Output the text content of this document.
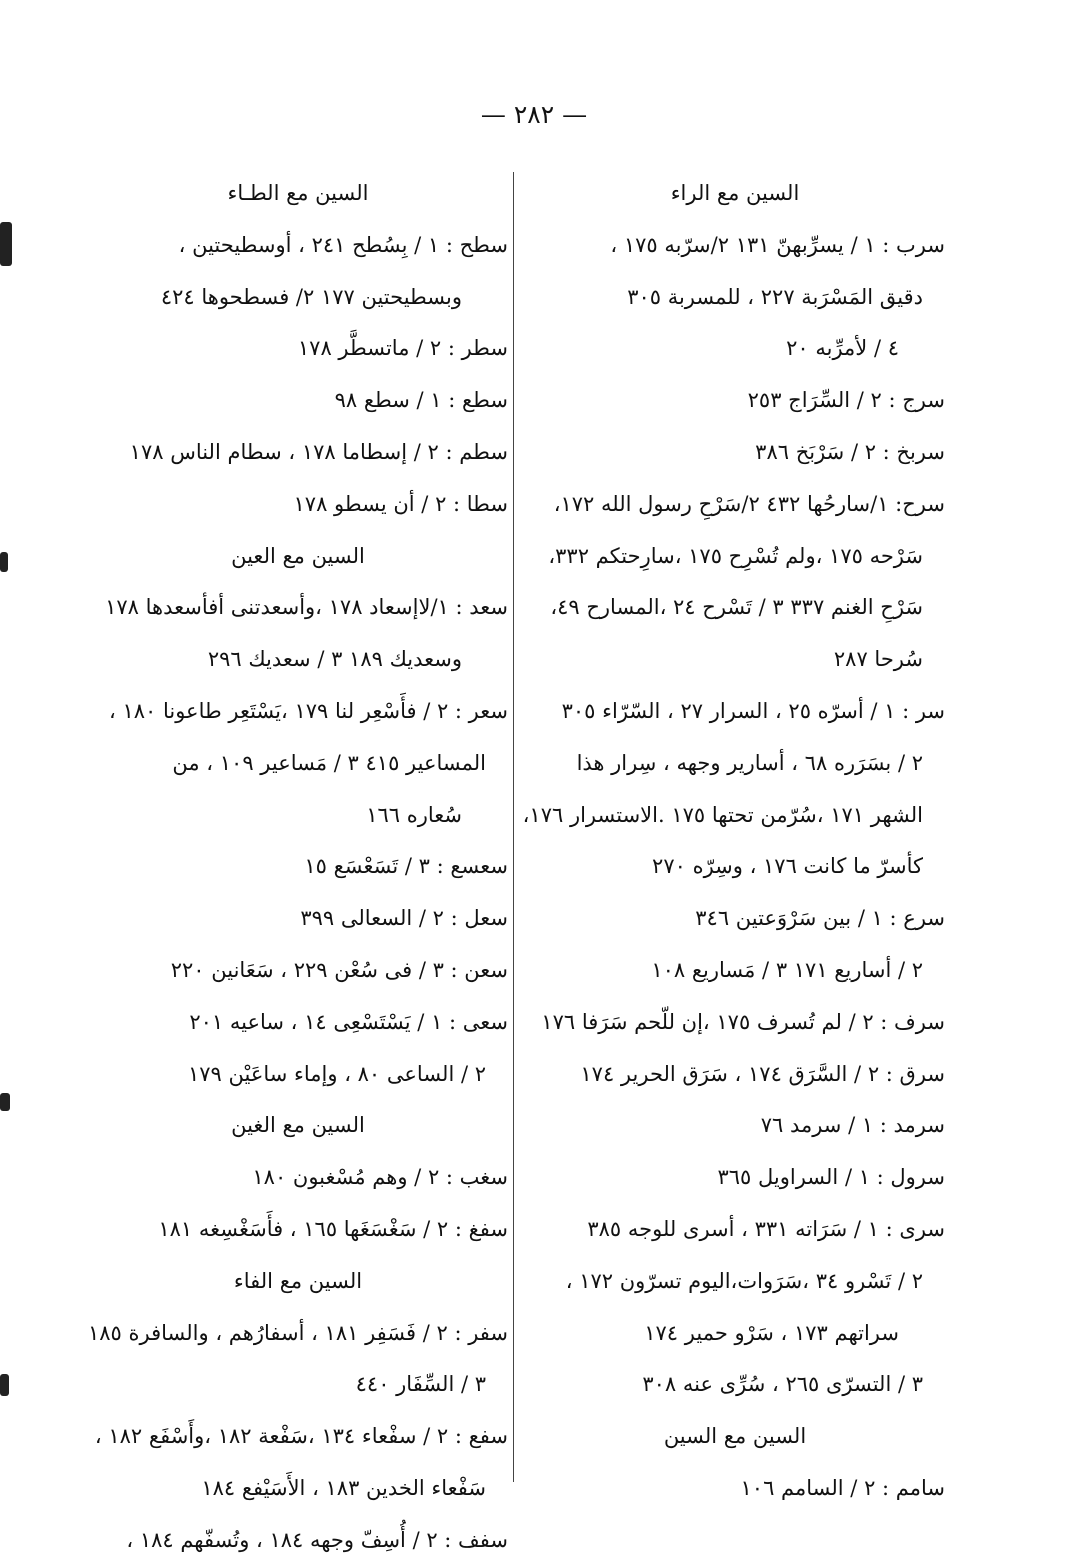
— ٢٨٢ —
السين مع الراء
سرب : ١ / يسرِّبهنّ ١٣١ ٢/سرّبه ١٧٥ ،
دقيق المَسْرَبة ٢٢٧ ، للمسربة ٣٠٥
٤ / لأمرِّبه ٢٠
سرج : ٢ / السِّرَاج ٢٥٣
سربخ : ٢ / سَرْبَخ ٣٨٦
سرح: ١/سارحُها ٤٣٢ ٢/سَرْحِ رسول الله ١٧٢،
سَرْحه ١٧٥ ،ولم تُسْرِح ١٧٥ ،سارِحتكم ٣٣٢،
سَرْحِ الغنم ٣٣٧ ٣ / تَسْرح ٢٤ ،المسارح ٤٩،
سُرحا ٢٨٧
سر : ١ / أسرّه ٢٥ ، السرار ٢٧ ، السّرّاء ٣٠٥
٢ / بسَرَره ٦٨ ، أسارير وجهه ، سِرار هذا
الشهر ١٧١ ،سُرّمن تحتها ١٧٥ .الاستسرار ١٧٦،
كأسرّ ما كانت ١٧٦ ، وسِرّه ٢٧٠
سرع : ١ / بين سَرْوَعتين ٣٤٦
٢ / أساريع ١٧١ ٣ / مَساريع ١٠٨
سرف : ٢ / لم تُسرف ١٧٥ ،إن للّحم سَرَفا ١٧٦
سرق : ٢ / السَّرَق ١٧٤ ، سَرَق الحرير ١٧٤
سرمد : ١ / سرمد ٧٦
سرول : ١ / السراويل ٣٦٥
سرى : ١ / سَرَاته ٣٣١ ، أسرى للوجه ٣٨٥
٢ / تَسْرو ٣٤ ،سَرَوات،اليوم تسرّون ١٧٢ ،
سراتهم ١٧٣ ، سَرْو حمير ١٧٤
٣ / التسرّى ٢٦٥ ، سُرِّى عنه ٣٠٨
السين مع السين
سامم : ٢ / السامم ١٠٦
السين مع الطـاء
سطح : ١ / بِسُطح ٢٤١ ، أوسطيحتين ،
وبسطيحتين ١٧٧ ٢/ فسطحوها ٤٢٤
سطر : ٢ / ماتسطَّر ١٧٨
سطع : ١ / سطع ٩٨
سطم : ٢ / إسطاما ١٧٨ ، سطام الناس ١٧٨
سطا : ٢ / أن يسطو ١٧٨
السين مع العين
سعد : ١/لاإسعاد ١٧٨ ،وأسعدتنى أفأسعدها ١٧٨
وسعديك ١٨٩ ٣ / سعديك ٢٩٦
سعر : ٢ / فأَسْعِر لنا ١٧٩ ،يَسْتَعِر طاعونا ١٨٠ ،
المساعير ٤١٥ ٣ / مَساعير ١٠٩ ، من
سُعاره ١٦٦
سعسع : ٣ / تَسَعْسَع ١٥
سعل : ٢ / السعالى ٣٩٩
سعن : ٣ / فى سُعْن ٢٢٩ ، سَعَانين ٢٢٠
سعى : ١ / يَسْتَسْعِى ١٤ ، ساعيه ٢٠١
٢ / الساعى ٨٠ ، وإماء ساعَيْن ١٧٩
السين مع الغين
سغب : ٢ / وهم مُسْغبون ١٨٠
سفغ : ٢ / سَغْسَغَها ١٦٥ ، فأَسَغْسِغه ١٨١
السين مع الفاء
سفر : ٢ / فَسَفِر ١٨١ ، أسفارُهم ، والسافرة ١٨٥
٣ / السِّفَار ٤٤٠
سفع : ٢ / سفْعاء ١٣٤ ،سَفْعة ١٨٢ ،وأَسْفَع ١٨٢ ،
سَفْعاء الخدين ١٨٣ ، الأَسَيْفع ١٨٤
سفف : ٢ / أُسِفّ وجهه ١٨٤ ، وتُسفّهم ١٨٤ ،
